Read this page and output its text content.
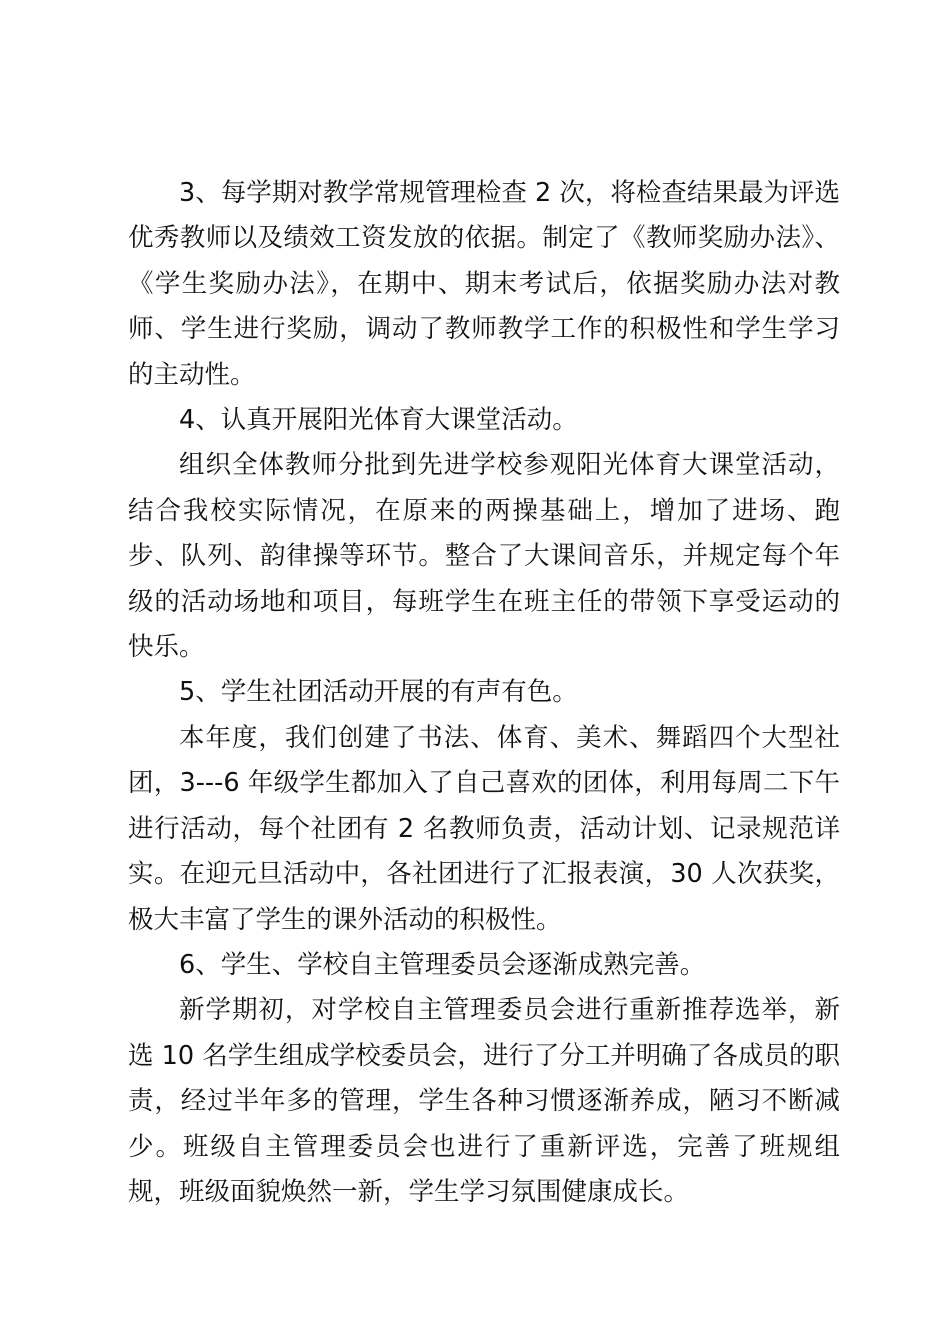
3、每学期对教学常规管理检查 2 次，将检查结果最为评选优秀教师以及绩效工资发放的依据。制定了《教师奖励办法》、《学生奖励办法》，在期中、期末考试后，依据奖励办法对教师、学生进行奖励，调动了教师教学工作的积极性和学生学习的主动性。

4、认真开展阳光体育大课堂活动。

组织全体教师分批到先进学校参观阳光体育大课堂活动，结合我校实际情况，在原来的两操基础上，增加了进场、跑步、队列、韵律操等环节。整合了大课间音乐，并规定每个年级的活动场地和项目，每班学生在班主任的带领下享受运动的快乐。

5、学生社团活动开展的有声有色。

本年度，我们创建了书法、体育、美术、舞蹈四个大型社团，3---6 年级学生都加入了自己喜欢的团体，利用每周二下午进行活动，每个社团有 2 名教师负责，活动计划、记录规范详实。在迎元旦活动中，各社团进行了汇报表演，30 人次获奖，极大丰富了学生的课外活动的积极性。

6、学生、学校自主管理委员会逐渐成熟完善。

新学期初，对学校自主管理委员会进行重新推荐选举，新选 10 名学生组成学校委员会，进行了分工并明确了各成员的职责，经过半年多的管理，学生各种习惯逐渐养成，陋习不断减少。班级自主管理委员会也进行了重新评选，完善了班规组规，班级面貌焕然一新，学生学习氛围健康成长。
